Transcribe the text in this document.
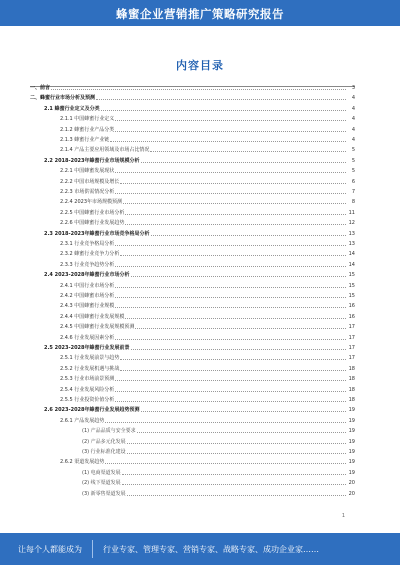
蜂蜜企业营销推广策略研究报告
内容目录
一、前言	3
二、蜂蜜行业市场分析及预测	4
2.1 蜂蜜行业定义及分类	4
2.1.1 中国蜂蜜行业定义	4
2.1.2 蜂蜜行业产品分类	4
2.1.3 蜂蜜行业产业链	4
2.1.4 产品主要应用领域及市场占比情况	5
2.2 2018-2023年蜂蜜行业市场规模分析	5
2.2.1 中国蜂蜜发展现状	5
2.2.2 中国市场规模及增长	6
2.2.3 市场供需情况分析	7
2.2.4 2023年市场规模预测	8
2.2.5 中国蜂蜜行业市场分析	11
2.2.6 中国蜂蜜行业发展趋势	12
2.3 2018-2023年蜂蜜行业市场竞争格局分析	13
2.3.1 行业竞争格局分析	13
2.3.2 蜂蜜行业竞争力分析	14
2.3.3 行业竞争趋势分析	14
2.4 2023-2028年蜂蜜行业市场分析	15
2.4.1 中国行业市场分析	15
2.4.2 中国蜂蜜市场分析	15
2.4.3 中国蜂蜜行业规模	16
2.4.4 中国蜂蜜行业发展规模	16
2.4.5 中国蜂蜜行业发展规模预测	17
2.4.6 行业发展因素分析	17
2.5 2023-2028年蜂蜜行业发展前景	17
2.5.1 行业发展前景与趋势	17
2.5.2 行业发展机遇与挑战	18
2.5.3 行业市场前景预测	18
2.5.4 行业发展风险分析	18
2.5.5 行业投资价值分析	18
2.6 2023-2028年蜂蜜行业发展趋势预测	19
2.6.1 产品发展趋势	19
(1) 产品品质与安全要求	19
(2) 产品多元化发展	19
(3) 行业标准化建设	19
2.6.2 渠道发展趋势	19
(1) 电商渠道发展	19
(2) 线下渠道发展	20
(3) 新零售渠道发展	20
1
让每个人都能成为	行业专家、管理专家、营销专家、战略专家、成功企业家……
